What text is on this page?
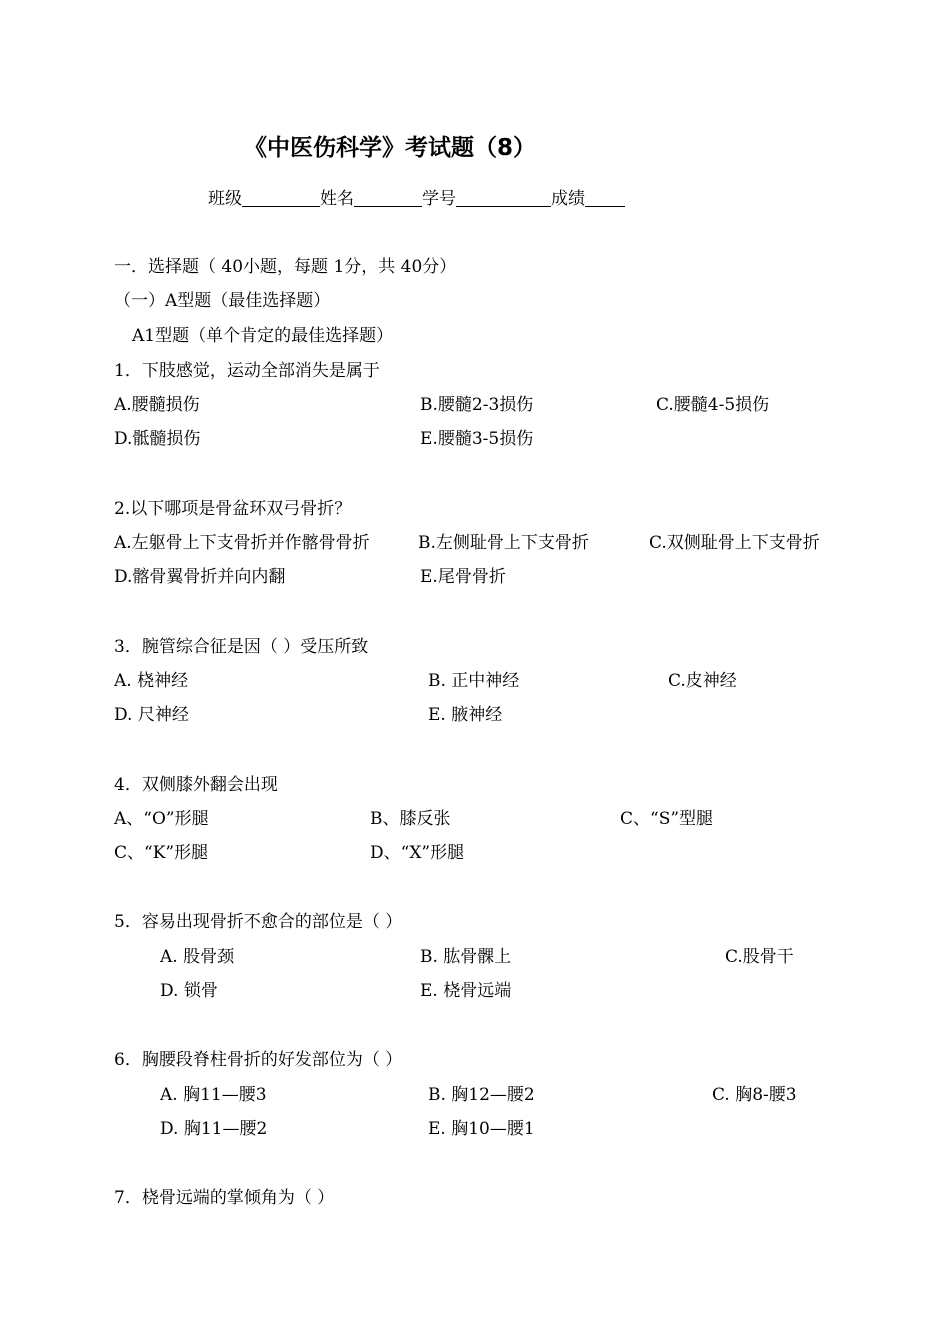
《中医伤科学》考试题（8）
班级	姓名	学号	成绩
一．选择题（ 40小题，每题 1分，共 40分）
（一）A型题（最佳选择题）
A1型题（单个肯定的最佳选择题）
1．下肢感觉，运动全部消失是属于
A.腰髓损伤	B.腰髓2-3损伤	C.腰髓4-5损伤
D.骶髓损伤	E.腰髓3-5损伤
2.以下哪项是骨盆环双弓骨折？
A.左躯骨上下支骨折并作髂骨骨折	B.左侧耻骨上下支骨折	C.双侧耻骨上下支骨折
D.髂骨翼骨折并向内翻	E.尾骨骨折
3．腕管综合征是因（ ）受压所致
A. 桡神经	B. 正中神经	C.皮神经
D. 尺神经	E. 腋神经
4．双侧膝外翻会出现
A、“O”形腿	B、膝反张	C、“S”型腿
C、“K”形腿	D、“X”形腿
5．容易出现骨折不愈合的部位是（ ）
A. 股骨颈	B. 肱骨髁上	C.股骨干
D. 锁骨	E. 桡骨远端
6．胸腰段脊柱骨折的好发部位为（ ）
A. 胸11—腰3	B. 胸12—腰2	C. 胸8-腰3
D. 胸11—腰2	E. 胸10—腰1
7．桡骨远端的掌倾角为（ ）
